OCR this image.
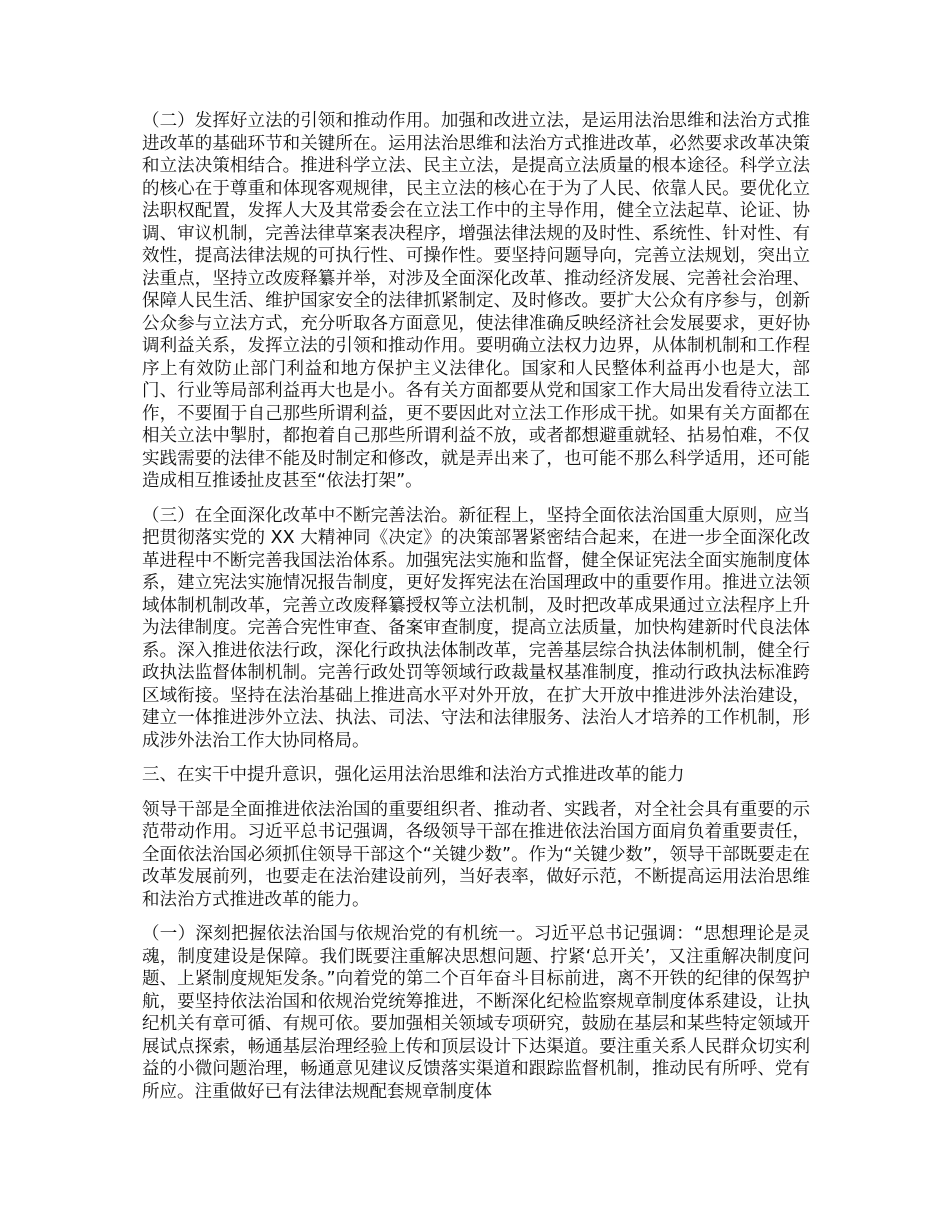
（二）发挥好立法的引领和推动作用。加强和改进立法，是运用法治思维和法治方式推进改革的基础环节和关键所在。运用法治思维和法治方式推进改革，必然要求改革决策和立法决策相结合。推进科学立法、民主立法，是提高立法质量的根本途径。科学立法的核心在于尊重和体现客观规律，民主立法的核心在于为了人民、依靠人民。要优化立法职权配置，发挥人大及其常委会在立法工作中的主导作用，健全立法起草、论证、协调、审议机制，完善法律草案表决程序，增强法律法规的及时性、系统性、针对性、有效性，提高法律法规的可执行性、可操作性。要坚持问题导向，完善立法规划，突出立法重点，坚持立改废释纂并举，对涉及全面深化改革、推动经济发展、完善社会治理、保障人民生活、维护国家安全的法律抓紧制定、及时修改。要扩大公众有序参与，创新公众参与立法方式，充分听取各方面意见，使法律准确反映经济社会发展要求，更好协调利益关系，发挥立法的引领和推动作用。要明确立法权力边界，从体制机制和工作程序上有效防止部门利益和地方保护主义法律化。国家和人民整体利益再小也是大，部门、行业等局部利益再大也是小。各有关方面都要从党和国家工作大局出发看待立法工作，不要囿于自己那些所谓利益，更不要因此对立法工作形成干扰。如果有关方面都在相关立法中掣肘，都抱着自己那些所谓利益不放，或者都想避重就轻、拈易怕难，不仅实践需要的法律不能及时制定和修改，就是弄出来了，也可能不那么科学适用，还可能造成相互推诿扯皮甚至“依法打架”。

（三）在全面深化改革中不断完善法治。新征程上，坚持全面依法治国重大原则，应当把贯彻落实党的 XX 大精神同《决定》的决策部署紧密结合起来，在进一步全面深化改革进程中不断完善我国法治体系。加强宪法实施和监督，健全保证宪法全面实施制度体系，建立宪法实施情况报告制度，更好发挥宪法在治国理政中的重要作用。推进立法领域体制机制改革，完善立改废释纂授权等立法机制，及时把改革成果通过立法程序上升为法律制度。完善合宪性审查、备案审查制度，提高立法质量，加快构建新时代良法体系。深入推进依法行政，深化行政执法体制改革，完善基层综合执法体制机制，健全行政执法监督体制机制。完善行政处罚等领域行政裁量权基准制度，推动行政执法标准跨区域衔接。坚持在法治基础上推进高水平对外开放，在扩大开放中推进涉外法治建设，建立一体推进涉外立法、执法、司法、守法和法律服务、法治人才培养的工作机制，形成涉外法治工作大协同格局。

三、在实干中提升意识，强化运用法治思维和法治方式推进改革的能力

领导干部是全面推进依法治国的重要组织者、推动者、实践者，对全社会具有重要的示范带动作用。习近平总书记强调，各级领导干部在推进依法治国方面肩负着重要责任，全面依法治国必须抓住领导干部这个“关键少数”。作为“关键少数”，领导干部既要走在改革发展前列，也要走在法治建设前列，当好表率，做好示范，不断提高运用法治思维和法治方式推进改革的能力。

（一）深刻把握依法治国与依规治党的有机统一。习近平总书记强调：“思想理论是灵魂，制度建设是保障。我们既要注重解决思想问题、拧紧‘总开关’，又注重解决制度问题、上紧制度规矩发条。”向着党的第二个百年奋斗目标前进，离不开铁的纪律的保驾护航，要坚持依法治国和依规治党统筹推进，不断深化纪检监察规章制度体系建设，让执纪机关有章可循、有规可依。要加强相关领域专项研究，鼓励在基层和某些特定领域开展试点探索，畅通基层治理经验上传和顶层设计下达渠道。要注重关系人民群众切实利益的小微问题治理，畅通意见建议反馈落实渠道和跟踪监督机制，推动民有所呼、党有所应。注重做好已有法律法规配套规章制度体
